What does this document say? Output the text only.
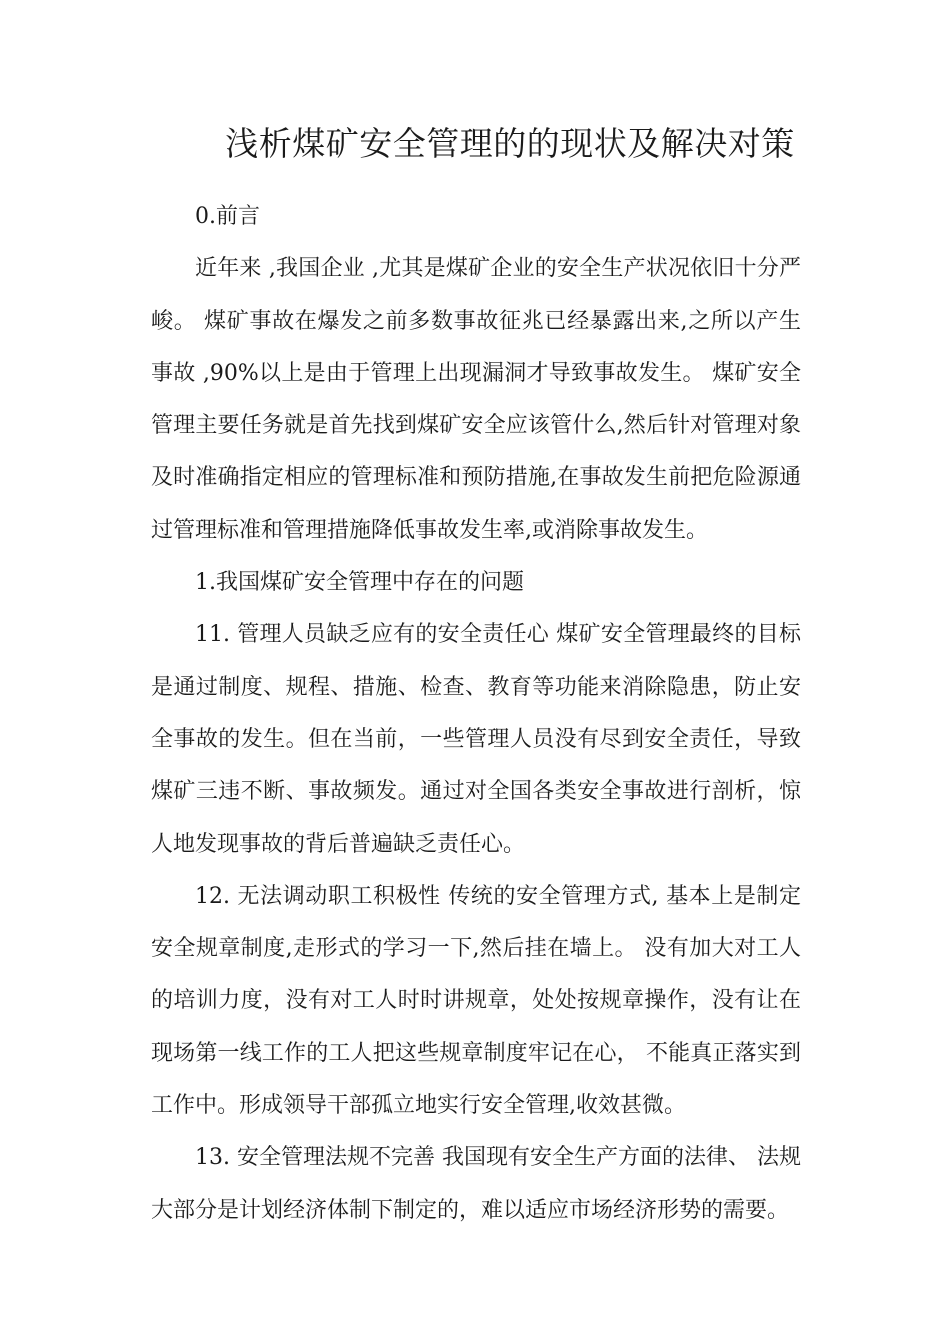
浅析煤矿安全管理的的现状及解决对策

0.前言

近年来 ,我国企业 ,尤其是煤矿企业的安全生产状况依旧十分严峻。 煤矿事故在爆发之前多数事故征兆已经暴露出来,之所以产生事故 ,90%以上是由于管理上出现漏洞才导致事故发生。 煤矿安全管理主要任务就是首先找到煤矿安全应该管什么,然后针对管理对象及时准确指定相应的管理标准和预防措施,在事故发生前把危险源通过管理标准和管理措施降低事故发生率,或消除事故发生。

1.我国煤矿安全管理中存在的问题

11. 管理人员缺乏应有的安全责任心 煤矿安全管理最终的目标是通过制度、规程、措施、检查、教育等功能来消除隐患，防止安全事故的发生。但在当前，一些管理人员没有尽到安全责任，导致煤矿三违不断、事故频发。通过对全国各类安全事故进行剖析，惊人地发现事故的背后普遍缺乏责任心。

12. 无法调动职工积极性 传统的安全管理方式, 基本上是制定安全规章制度,走形式的学习一下,然后挂在墙上。 没有加大对工人的培训力度，没有对工人时时讲规章，处处按规章操作，没有让在现场第一线工作的工人把这些规章制度牢记在心， 不能真正落实到工作中。形成领导干部孤立地实行安全管理,收效甚微。

13. 安全管理法规不完善 我国现有安全生产方面的法律、 法规大部分是计划经济体制下制定的，难以适应市场经济形势的需要。
